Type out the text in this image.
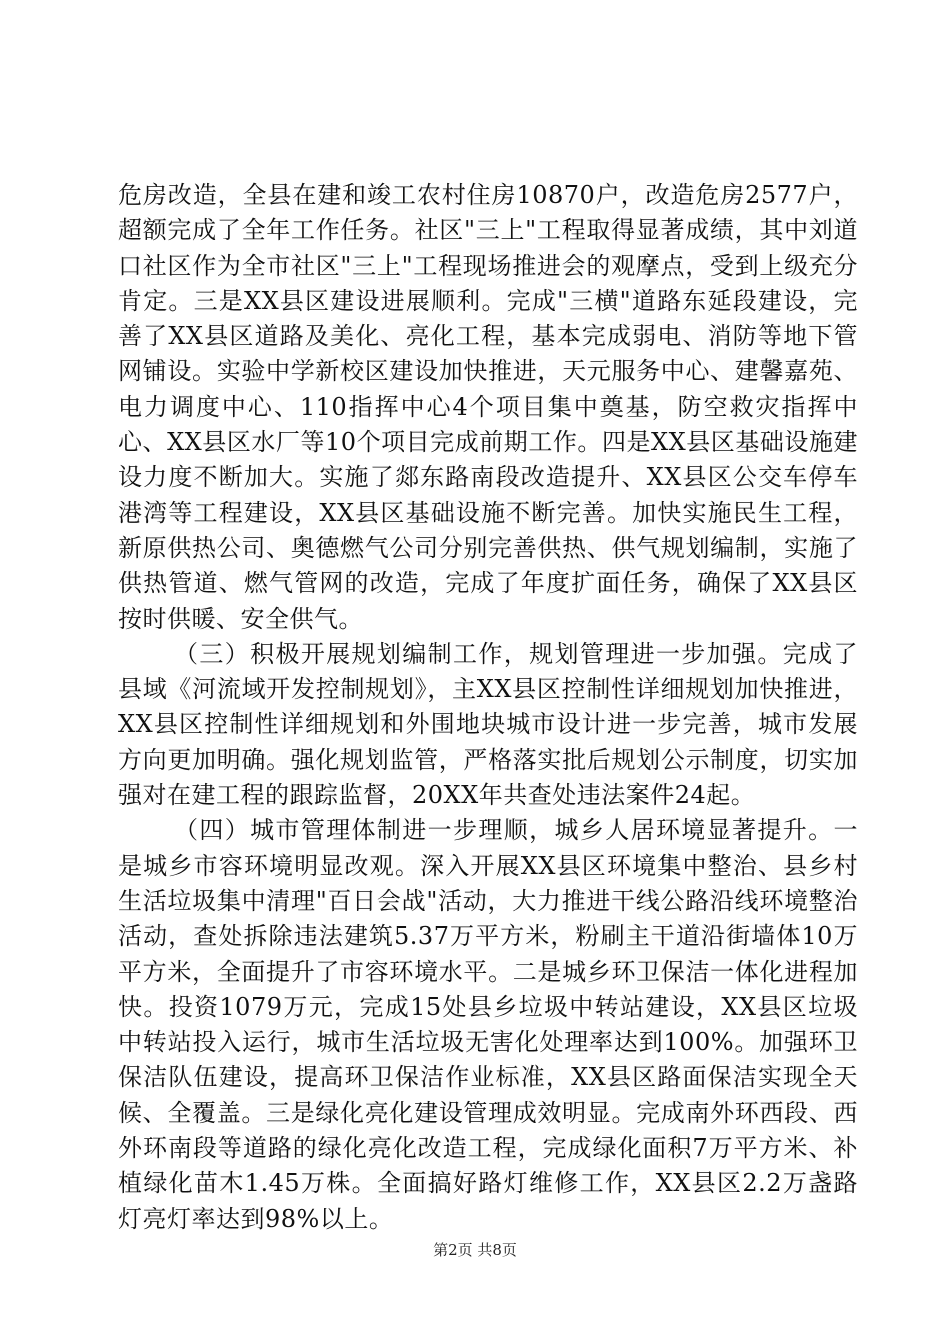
危房改造，全县在建和竣工农村住房10870户，改造危房2577户，超额完成了全年工作任务。社区"三上"工程取得显著成绩，其中刘道口社区作为全市社区"三上"工程现场推进会的观摩点，受到上级充分肯定。三是XX县区建设进展顺利。完成"三横"道路东延段建设，完善了XX县区道路及美化、亮化工程，基本完成弱电、消防等地下管网铺设。实验中学新校区建设加快推进，天元服务中心、建馨嘉苑、电力调度中心、110指挥中心4个项目集中奠基，防空救灾指挥中心、XX县区水厂等10个项目完成前期工作。四是XX县区基础设施建设力度不断加大。实施了郯东路南段改造提升、XX县区公交车停车港湾等工程建设，XX县区基础设施不断完善。加快实施民生工程，新原供热公司、奥德燃气公司分别完善供热、供气规划编制，实施了供热管道、燃气管网的改造，完成了年度扩面任务，确保了XX县区按时供暖、安全供气。

（三）积极开展规划编制工作，规划管理进一步加强。完成了县域《河流域开发控制规划》，主XX县区控制性详细规划加快推进，XX县区控制性详细规划和外围地块城市设计进一步完善，城市发展方向更加明确。强化规划监管，严格落实批后规划公示制度，切实加强对在建工程的跟踪监督，20XX年共查处违法案件24起。

（四）城市管理体制进一步理顺，城乡人居环境显著提升。一是城乡市容环境明显改观。深入开展XX县区环境集中整治、县乡村生活垃圾集中清理"百日会战"活动，大力推进干线公路沿线环境整治活动，查处拆除违法建筑5.37万平方米，粉刷主干道沿街墙体10万平方米，全面提升了市容环境水平。二是城乡环卫保洁一体化进程加快。投资1079万元，完成15处县乡垃圾中转站建设，XX县区垃圾中转站投入运行，城市生活垃圾无害化处理率达到100%。加强环卫保洁队伍建设，提高环卫保洁作业标准，XX县区路面保洁实现全天候、全覆盖。三是绿化亮化建设管理成效明显。完成南外环西段、西外环南段等道路的绿化亮化改造工程，完成绿化面积7万平方米、补植绿化苗木1.45万株。全面搞好路灯维修工作，XX县区2.2万盏路灯亮灯率达到98%以上。

第2页 共8页
